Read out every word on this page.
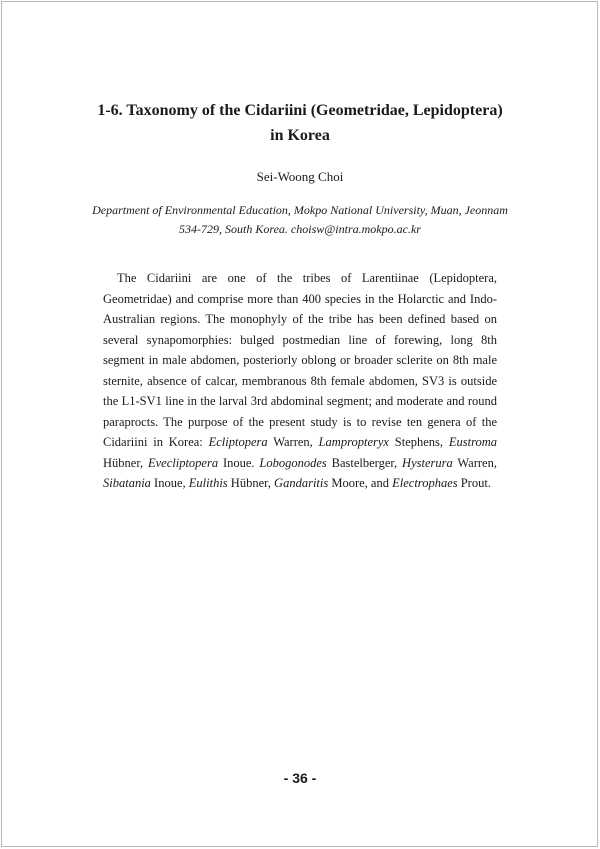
1-6. Taxonomy of the Cidariini (Geometridae, Lepidoptera)
in Korea

Sei-Woong Choi

Department of Environmental Education, Mokpo National University, Muan, Jeonnam
534-729, South Korea. choisw@intra.mokpo.ac.kr

The Cidariini are one of the tribes of Larentiinae (Lepidoptera, Geometridae) and comprise more than 400 species in the Holarctic and Indo-Australian regions. The monophyly of the tribe has been defined based on several synapomorphies: bulged postmedian line of forewing, long 8th segment in male abdomen, posteriorly oblong or broader sclerite on 8th male sternite, absence of calcar, membranous 8th female abdomen, SV3 is outside the L1-SV1 line in the larval 3rd abdominal segment; and moderate and round paraprocts. The purpose of the present study is to revise ten genera of the Cidariini in Korea: Ecliptopera Warren, Lampropteryx Stephens, Eustroma Hübner, Evecliptopera Inoue. Lobogonodes Bastelberger, Hysterura Warren, Sibatania Inoue, Eulithis Hübner, Gandaritis Moore, and Electrophaes Prout.

- 36 -
